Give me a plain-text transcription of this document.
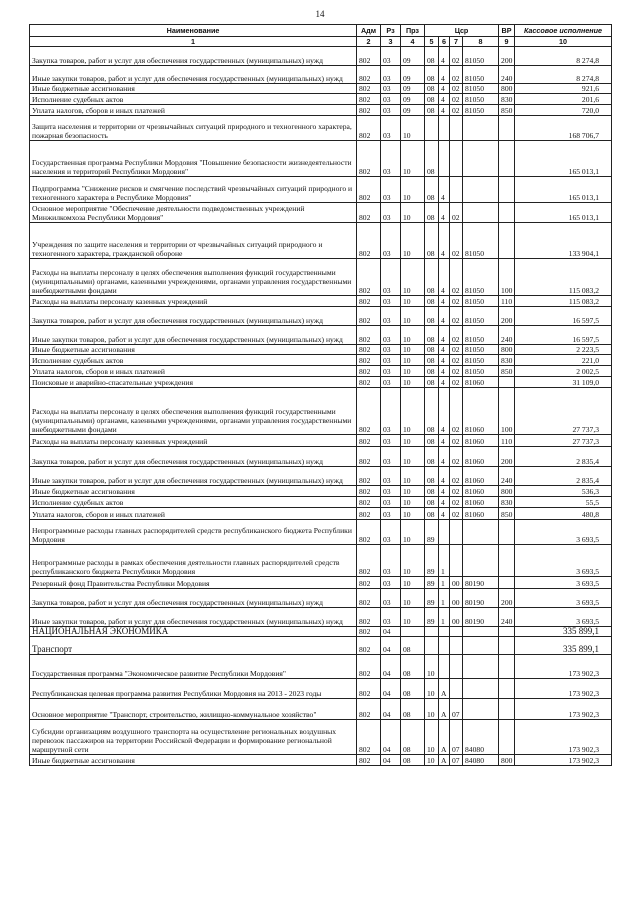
14
Наименование	Адм	Рз	Прз	Цср				ВР	Кассовое исполнение
1	2	3	4	5	6	7	8	9	10
Закупка товаров, работ и услуг для обеспечения государственных (муниципальных) нужд	802	03	09	08	4	02	81050	200	8 274,8
Иные закупки товаров, работ и услуг для обеспечения государственных (муниципальных) нужд	802	03	09	08	4	02	81050	240	8 274,8
Иные бюджетные ассигнования	802	03	09	08	4	02	81050	800	921,6
Исполнение судебных актов	802	03	09	08	4	02	81050	830	201,6
Уплата налогов, сборов и иных платежей	802	03	09	08	4	02	81050	850	720,0
Защита населения и территории от чрезвычайных ситуаций природного и техногенного характера, пожарная безопасность	802	03	10						168 706,7
Государственная программа Республики Мордовия "Повышение безопасности жизнедеятельности населения и территорий Республики Мордовия"	802	03	10	08					165 013,1
Подпрограмма "Снижение рисков и смягчение последствий чрезвычайных ситуаций природного и техногенного характера в Республике Мордовия"	802	03	10	08	4				165 013,1
Основное мероприятие "Обеспечение деятельности подведомственных учреждений Минжилкомхоза Республики Мордовия"	802	03	10	08	4	02			165 013,1
Учреждения по защите населения и территории от чрезвычайных ситуаций природного и техногенного характера, гражданской обороне	802	03	10	08	4	02	81050		133 904,1
Расходы на выплаты персоналу в целях обеспечения выполнения функций государственными (муниципальными) органами, казенными учреждениями, органами управления государственными внебюджетными фондами	802	03	10	08	4	02	81050	100	115 083,2
Расходы на выплаты персоналу казенных учреждений	802	03	10	08	4	02	81050	110	115 083,2
Закупка товаров, работ и услуг для обеспечения государственных (муниципальных) нужд	802	03	10	08	4	02	81050	200	16 597,5
Иные закупки товаров, работ и услуг для обеспечения государственных (муниципальных) нужд	802	03	10	08	4	02	81050	240	16 597,5
Иные бюджетные ассигнования	802	03	10	08	4	02	81050	800	2 223,5
Исполнение судебных актов	802	03	10	08	4	02	81050	830	221,0
Уплата налогов, сборов и иных платежей	802	03	10	08	4	02	81050	850	2 002,5
Поисковые и аварийно-спасательные учреждения	802	03	10	08	4	02	81060		31 109,0
Расходы на выплаты персоналу в целях обеспечения выполнения функций государственными (муниципальными) органами, казенными учреждениями, органами управления государственными внебюджетными фондами	802	03	10	08	4	02	81060	100	27 737,3
Расходы на выплаты персоналу казенных учреждений	802	03	10	08	4	02	81060	110	27 737,3
Закупка товаров, работ и услуг для обеспечения государственных (муниципальных) нужд	802	03	10	08	4	02	81060	200	2 835,4
Иные закупки товаров, работ и услуг для обеспечения государственных (муниципальных) нужд	802	03	10	08	4	02	81060	240	2 835,4
Иные бюджетные ассигнования	802	03	10	08	4	02	81060	800	536,3
Исполнение судебных актов	802	03	10	08	4	02	81060	830	55,5
Уплата налогов, сборов и иных платежей	802	03	10	08	4	02	81060	850	480,8
Непрограммные расходы главных распорядителей средств республиканского бюджета Республики Мордовия	802	03	10	89					3 693,5
Непрограммные расходы в рамках обеспечения деятельности главных распорядителей средств республиканского бюджета Республики Мордовия	802	03	10	89	1				3 693,5
Резервный фонд Правительства Республики Мордовия	802	03	10	89	1	00	80190		3 693,5
Закупка товаров, работ и услуг для обеспечения государственных (муниципальных) нужд	802	03	10	89	1	00	80190	200	3 693,5
Иные закупки товаров, работ и услуг для обеспечения государственных (муниципальных) нужд	802	03	10	89	1	00	80190	240	3 693,5
НАЦИОНАЛЬНАЯ ЭКОНОМИКА	802	04							335 899,1
Транспорт	802	04	08						335 899,1
Государственная программа "Экономическое развитие Республики Мордовия"	802	04	08	10					173 902,3
Республиканская целевая программа развития Республики Мордовия на 2013 - 2023 годы	802	04	08	10	А				173 902,3
Основное мероприятие "Транспорт, строительство, жилищно-коммунальное хозяйство"	802	04	08	10	А	07			173 902,3
Субсидии организациям воздушного транспорта на осуществление региональных воздушных перевозок пассажиров на территории Российской Федерации и формирование региональной маршрутной сети	802	04	08	10	А	07	84080		173 902,3
Иные бюджетные ассигнования	802	04	08	10	А	07	84080	800	173 902,3
